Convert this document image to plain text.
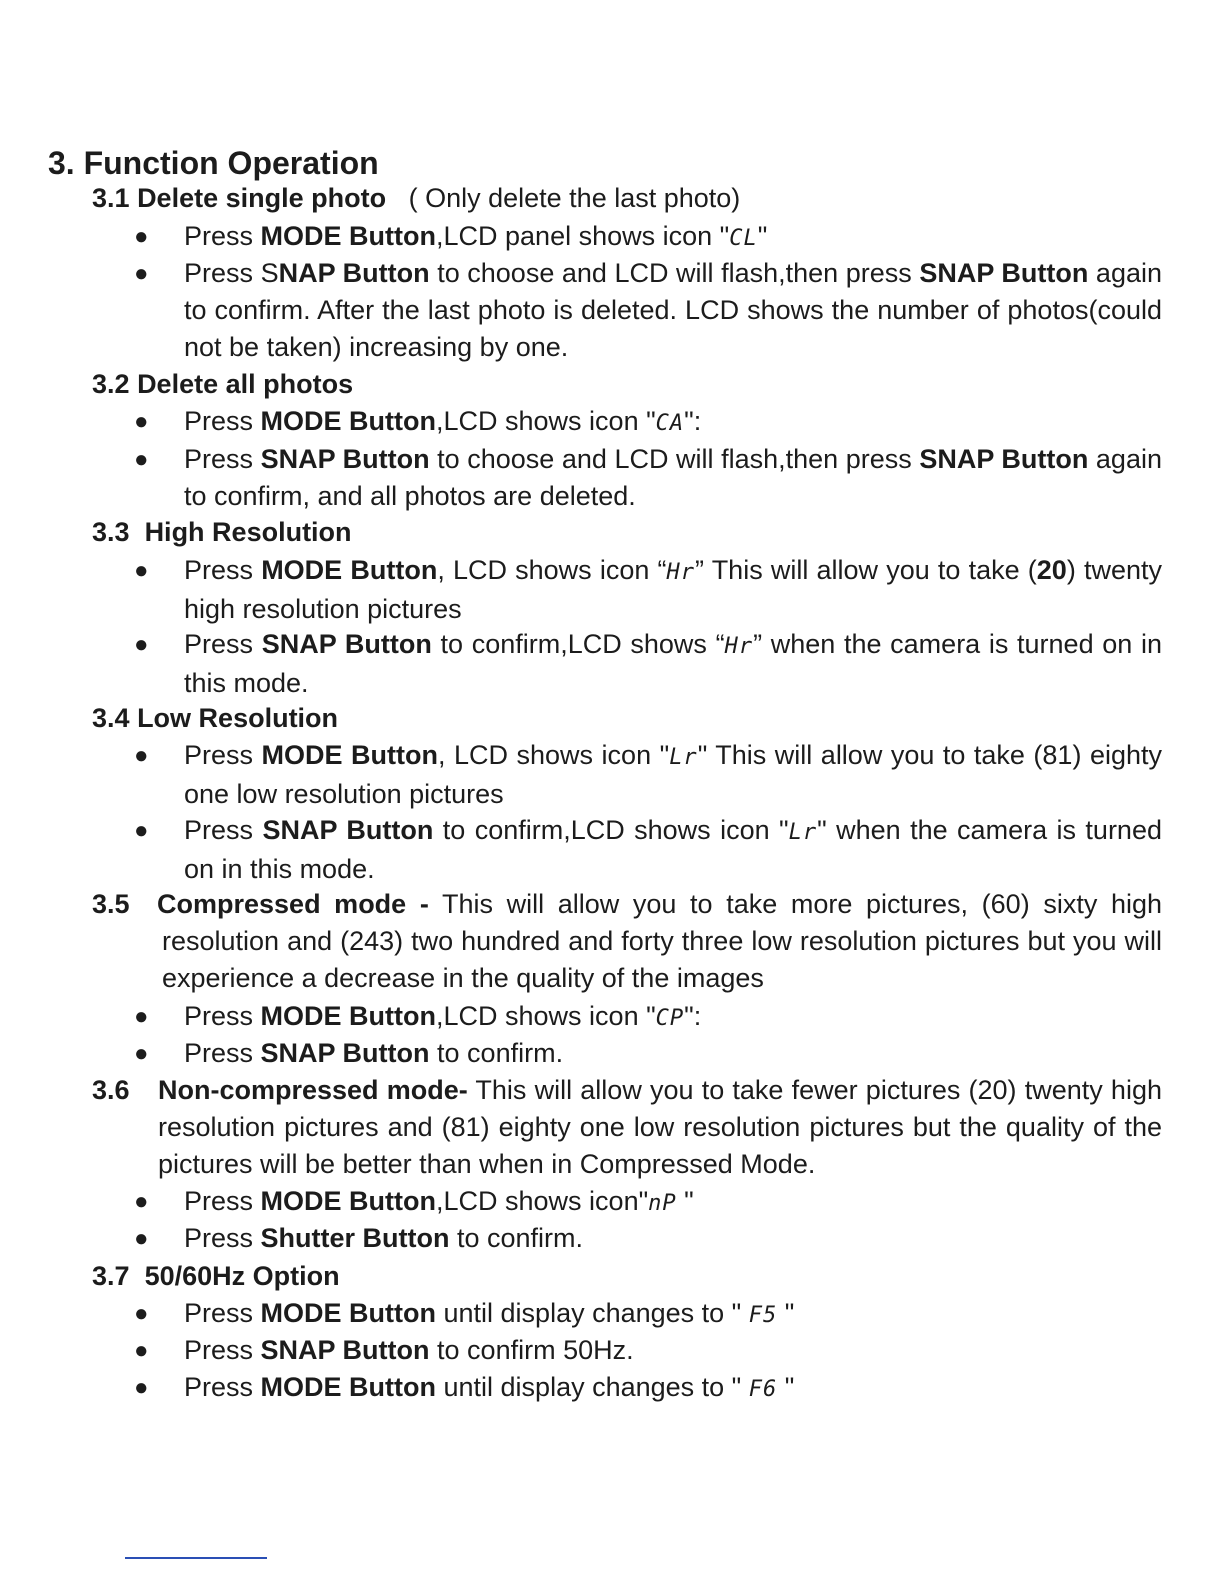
3. Function Operation

3.1 Delete single photo ( Only delete the last photo)

● Press MODE Button,LCD panel shows icon "CL"

● Press SNAP Button to choose and LCD will flash,then press SNAP Button again to confirm. After the last photo is deleted. LCD shows the number of photos(could not be taken) increasing by one.

3.2 Delete all photos

● Press MODE Button,LCD shows icon "CA":

● Press SNAP Button to choose and LCD will flash,then press SNAP Button again to confirm, and all photos are deleted.

3.3 High Resolution

● Press MODE Button, LCD shows icon “Hr” This will allow you to take (20) twenty high resolution pictures

● Press SNAP Button to confirm,LCD shows “Hr” when the camera is turned on in this mode.

3.4 Low Resolution

● Press MODE Button, LCD shows icon "Lr" This will allow you to take (81) eighty one low resolution pictures

● Press SNAP Button to confirm,LCD shows icon "Lr" when the camera is turned on in this mode.

3.5 Compressed mode - This will allow you to take more pictures, (60) sixty high resolution and (243) two hundred and forty three low resolution pictures but you will experience a decrease in the quality of the images

● Press MODE Button,LCD shows icon "CP":

● Press SNAP Button to confirm.

3.6 Non-compressed mode- This will allow you to take fewer pictures (20) twenty high resolution pictures and (81) eighty one low resolution pictures but the quality of the pictures will be better than when in Compressed Mode.

● Press MODE Button,LCD shows icon"nP "

● Press Shutter Button to confirm.

3.7 50/60Hz Option

● Press MODE Button until display changes to " F5 "

● Press SNAP Button to confirm 50Hz.

● Press MODE Button until display changes to " F6 "
